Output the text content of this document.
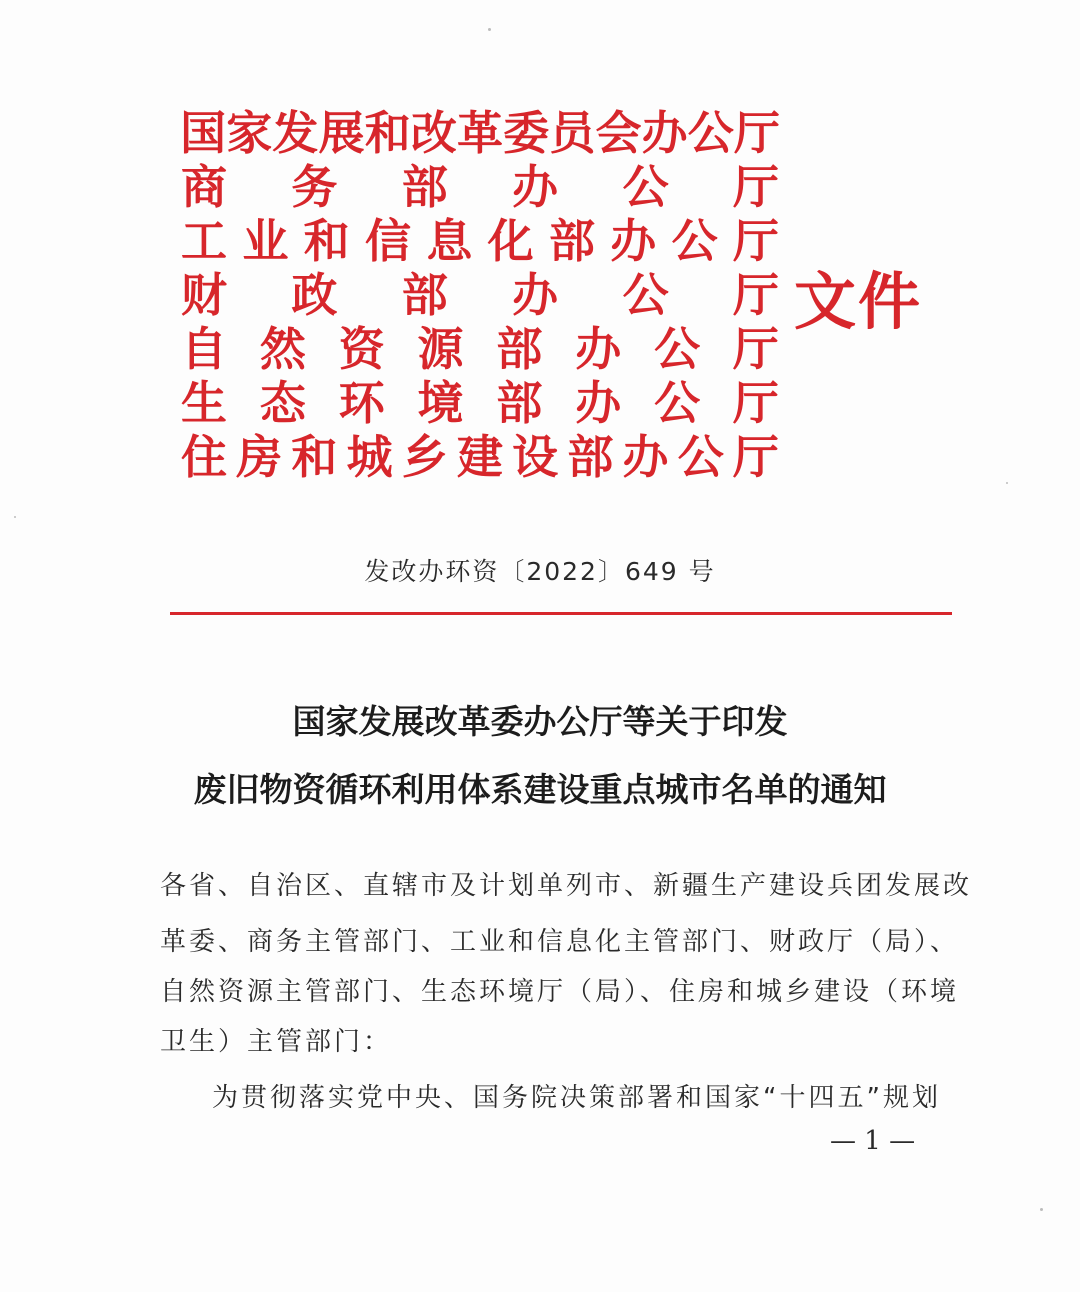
国 家 发 展 和 改 革 委 员 会 办 公 厅
商 务 部 办 公 厅
工 业 和 信 息 化 部 办 公 厅
财 政 部 办 公 厅
自 然 资 源 部 办 公 厅
生 态 环 境 部 办 公 厅
住 房 和 城 乡 建 设 部 办 公 厅
文件
发改办环资〔2022〕649 号
国家发展改革委办公厅等关于印发
废旧物资循环利用体系建设重点城市名单的通知
各省、自治区、直辖市及计划单列市、新疆生产建设兵团发展改
革委、商务主管部门、工业和信息化主管部门、财政厅（局）、
自然资源主管部门、生态环境厅（局）、住房和城乡建设（环境
卫生）主管部门：
为贯彻落实党中央、国务院决策部署和国家“十四五”规划
— 1 —
